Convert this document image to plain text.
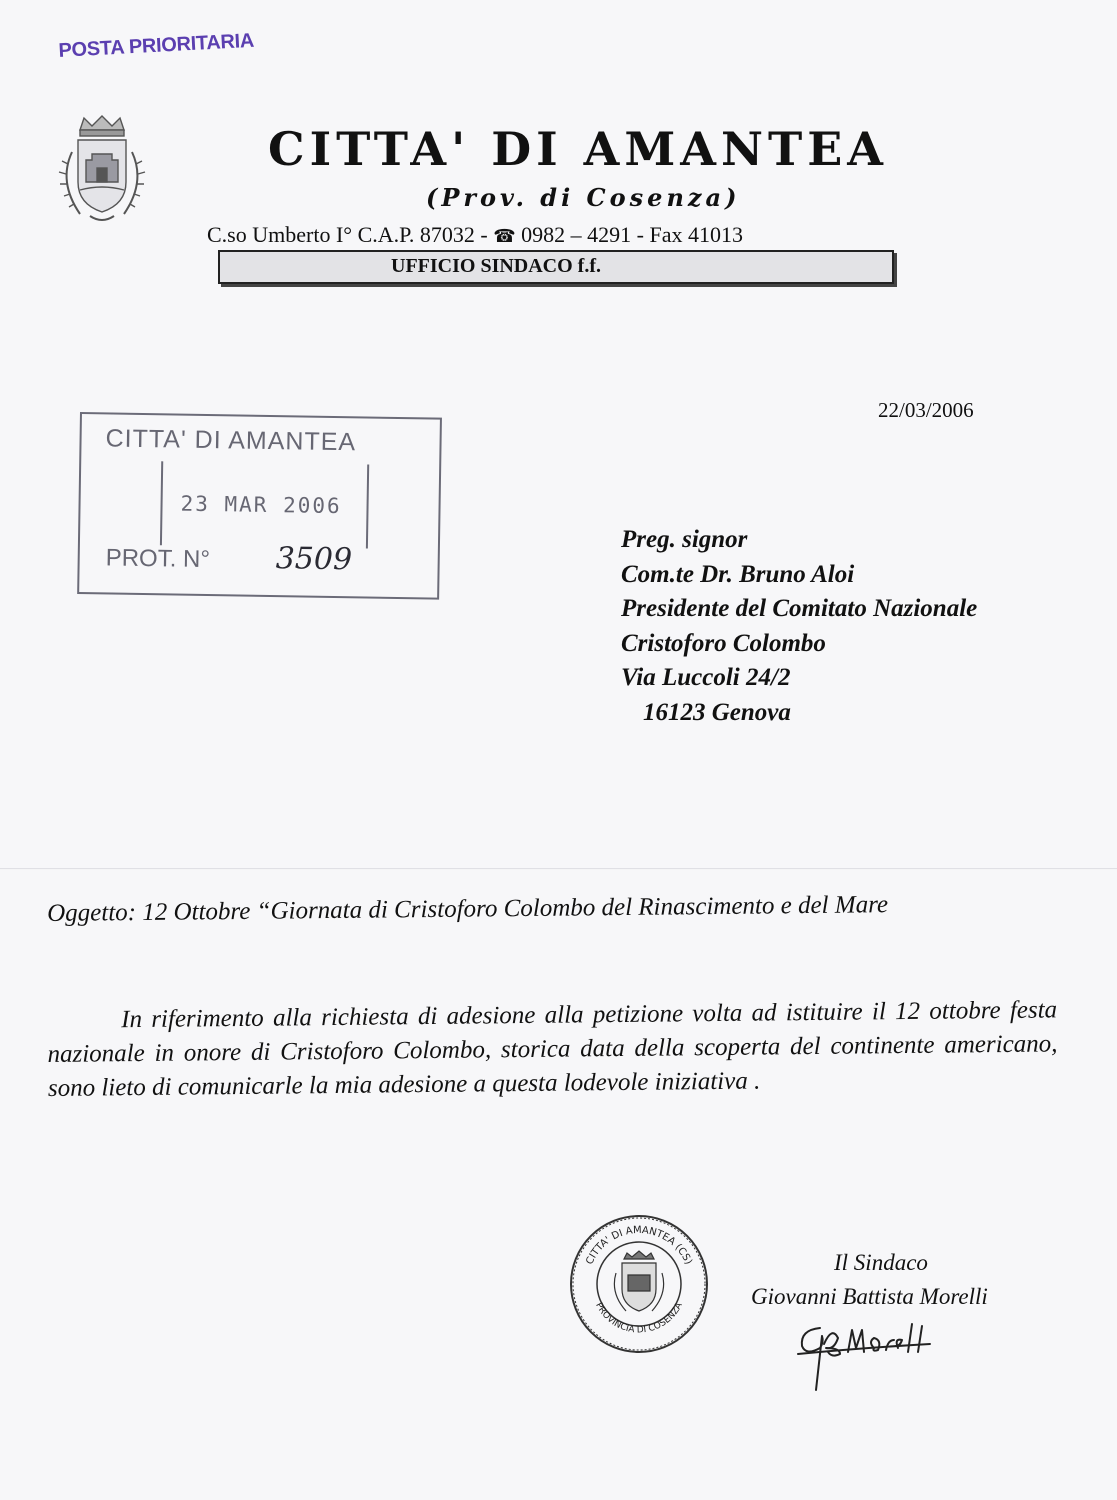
POSTA PRIORITARIA
CITTA' DI AMANTEA
(Prov. di Cosenza)
C.so Umberto I° C.A.P. 87032 - ☎ 0982 – 4291 - Fax 41013
UFFICIO SINDACO f.f.
22/03/2006
CITTA' DI AMANTEA
23 MAR 2006
PROT. N° 3509
Preg. signor
Com.te Dr. Bruno Aloi
Presidente del Comitato Nazionale
Cristoforo Colombo
Via Luccoli 24/2
16123 Genova
Oggetto: 12 Ottobre “Giornata di Cristoforo Colombo del Rinascimento e del Mare
In riferimento alla richiesta di adesione alla petizione volta ad istituire il 12 ottobre festa nazionale in onore di Cristoforo Colombo, storica data della scoperta del continente americano, sono lieto di comunicarle la mia adesione a questa lodevole iniziativa .
CITTA' DI AMANTEA (CS)
PROVINCIA DI COSENZA
Il Sindaco
Giovanni Battista Morelli
